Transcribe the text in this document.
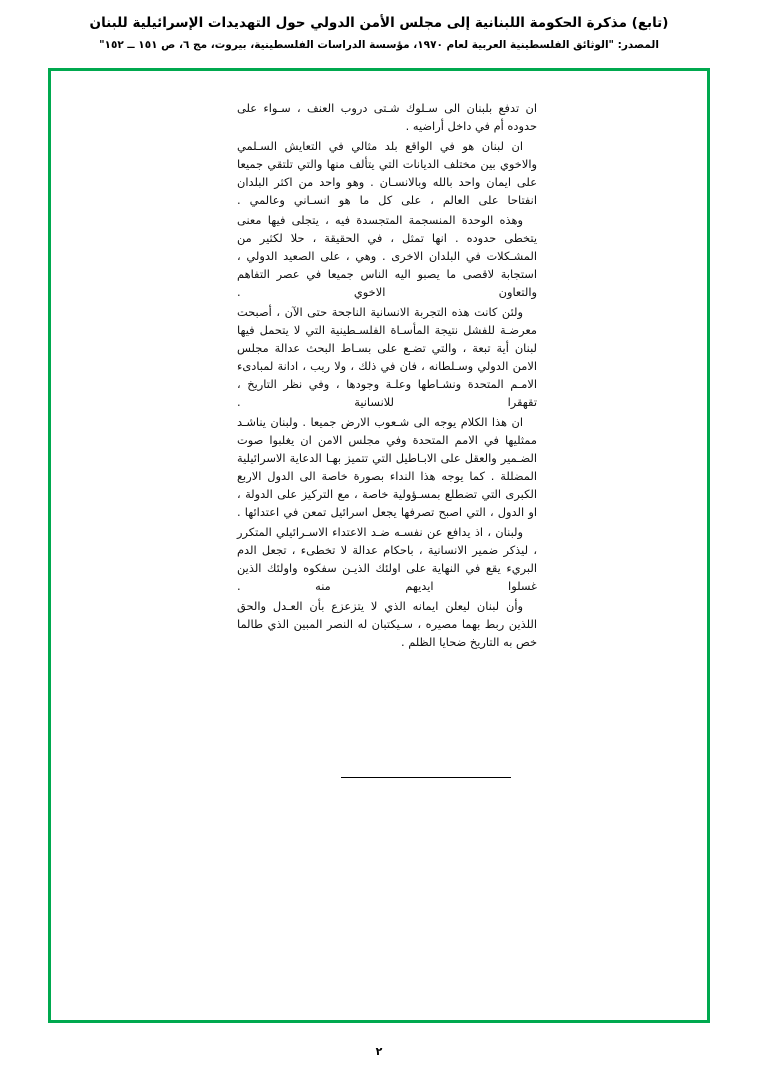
(تابع) مذكرة الحكومة اللبنانية إلى مجلس الأمن الدولي حول التهديدات الإسرائيلية للبنان
المصدر: "الوثائق الفلسطينية العربية لعام ١٩٧٠، مؤسسة الدراسات الفلسطينية، بيروت، مج ٦، ص ١٥١ ــ ١٥٢"

ان تدفع بلبنان الى سـلوك شـتى دروب العنف ، سـواء على حدوده أم في داخل أراضيه .

ان لبنان هو في الواقع بلد مثالي في التعايش السـلمي والاخوي بين مختلف الديانات التي يتألف منها والتي تلتقي جميعا على ايمان واحد بالله وبالانسـان . وهو واحد من اكثر البلدان انفتاحا على العالم ، على كل ما هو انسـاني وعالمي .

وهذه الوحدة المنسجمة المتجسدة فيه ، يتجلى فيها معنى يتخطى حدوده . انها تمثل ، في الحقيقة ، حلا لكثير من المشـكلات في البلدان الاخرى . وهي ، على الصعيد الدولي ، استجابة لاقصى ما يصبو اليه الناس جميعا في عصر التفاهم والتعاون الاخوي .

ولئن كانت هذه التجربة الانسانية الناجحة حتى الآن ، أصبحت معرضـة للفشل نتيجة المأسـاة الفلسـطينية التي لا يتحمل فيها لبنان أية تبعة ، والتي تضـع على بسـاط البحث عدالة مجلس الامن الدولي وسـلطانه ، فان في ذلك ، ولا ريب ، ادانة لمبادىء الامـم المتحدة ونشـاطها وعلـة وجودها ، وفي نظر التاريخ ، تقهقرا للانسانية .

ان هذا الكلام يوجه الى شـعوب الارض جميعا . ولبنان يناشـد ممثليها في الامم المتحدة وفي مجلس الامن ان يغلبوا صوت الضـمير والعقل على الابـاطيل التي تتميز بهـا الدعاية الاسرائيلية المضللة . كما يوجه هذا النداء بصورة خاصة الى الدول الاربع الكبرى التي تضطلع بمسـؤولية خاصة ، مع التركيز على الدولة ، او الدول ، التي اصبح تصرفها يجعل اسرائيل تمعن في اعتدائها .

ولبنان ، اذ يدافع عن نفسـه ضـد الاعتداء الاسـرائيلي المتكرر ، ليذكر ضمير الانسانية ، باحكام عدالة لا تخطىء ، تجعل الدم البريء يقع في النهاية على اولئك الذيـن سفكوه واولئك الذين غسلوا ايديهم منه .

وأن لبنان ليعلن ايمانه الذي لا يتزعزع بأن العـدل والحق اللذين ربط بهما مصيره ، سـيكتبان له النصر المبين الذي طالما خص به التاريخ ضحايا الظلم .

٢
